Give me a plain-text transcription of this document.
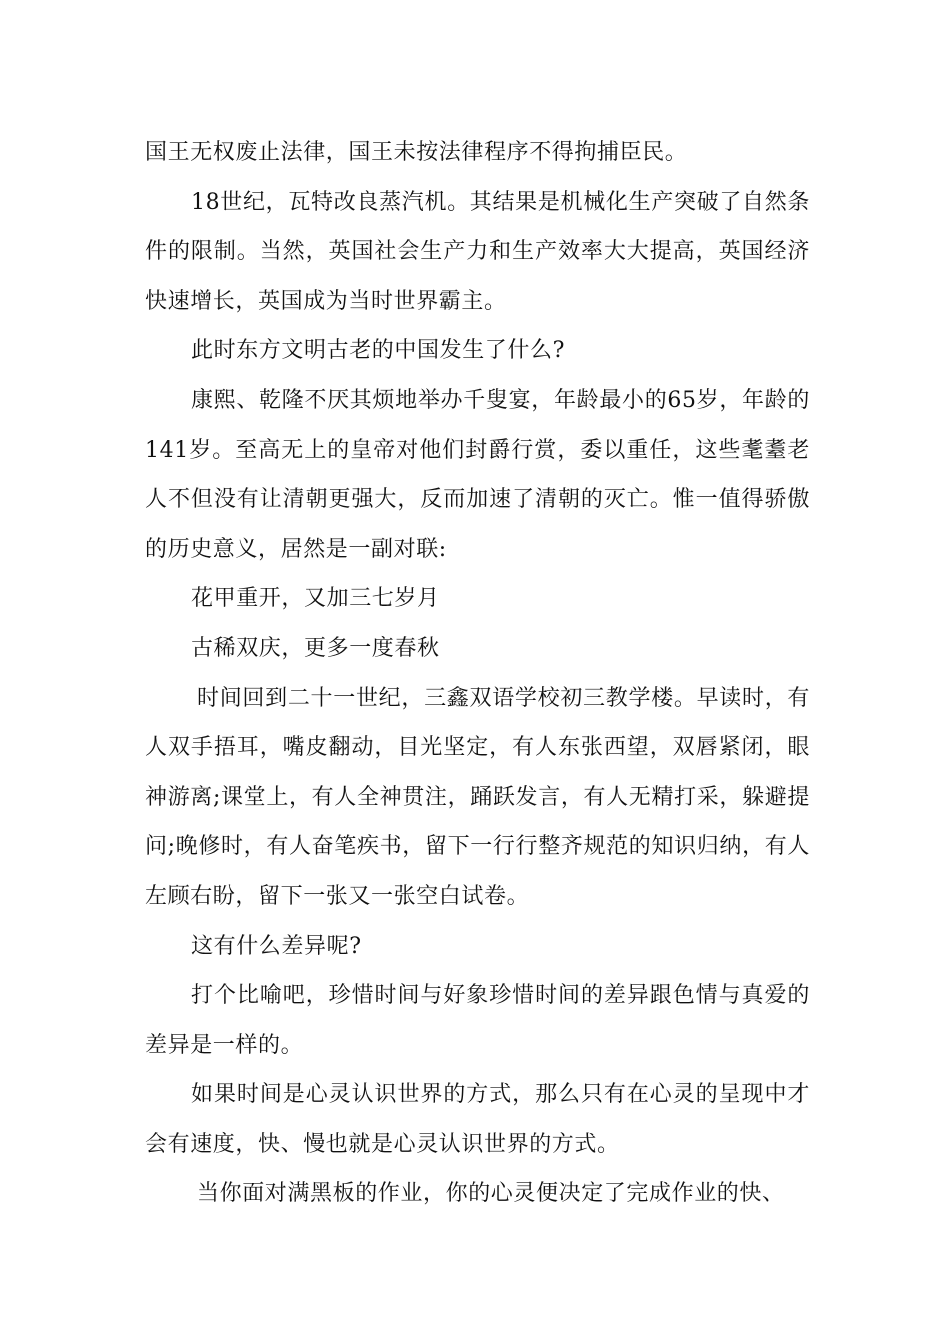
国王无权废止法律，国王未按法律程序不得拘捕臣民。

18世纪，瓦特改良蒸汽机。其结果是机械化生产突破了自然条件的限制。当然，英国社会生产力和生产效率大大提高，英国经济快速增长，英国成为当时世界霸主。

此时东方文明古老的中国发生了什么?

康熙、乾隆不厌其烦地举办千叟宴，年龄最小的65岁，年龄的141岁。至高无上的皇帝对他们封爵行赏，委以重任，这些耄耋老人不但没有让清朝更强大，反而加速了清朝的灭亡。惟一值得骄傲的历史意义，居然是一副对联:

花甲重开，又加三七岁月

古稀双庆，更多一度春秋

时间回到二十一世纪，三鑫双语学校初三教学楼。早读时，有人双手捂耳，嘴皮翻动，目光坚定，有人东张西望，双唇紧闭，眼神游离;课堂上，有人全神贯注，踊跃发言，有人无精打采，躲避提问;晚修时，有人奋笔疾书，留下一行行整齐规范的知识归纳，有人左顾右盼，留下一张又一张空白试卷。

这有什么差异呢?

打个比喻吧，珍惜时间与好象珍惜时间的差异跟色情与真爱的差异是一样的。

如果时间是心灵认识世界的方式，那么只有在心灵的呈现中才会有速度，快、慢也就是心灵认识世界的方式。

当你面对满黑板的作业，你的心灵便决定了完成作业的快、
